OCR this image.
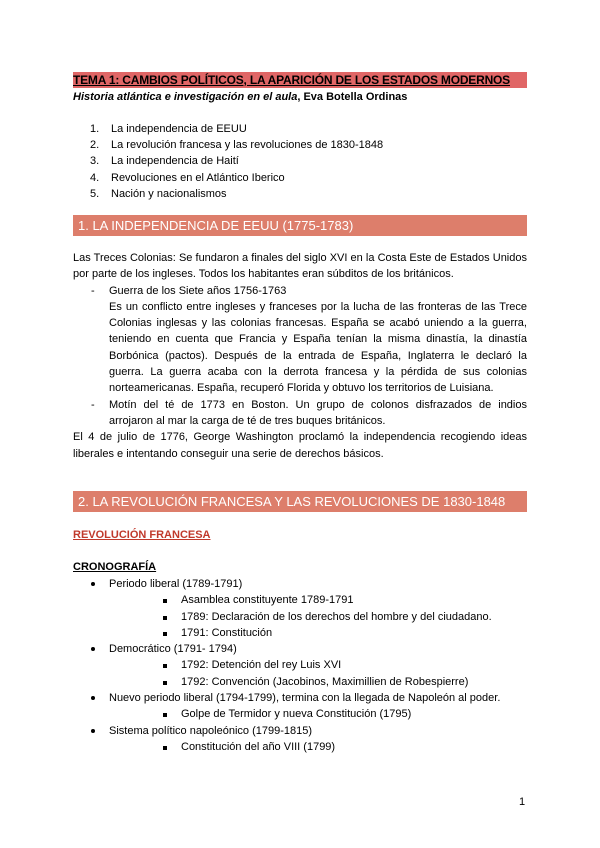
TEMA 1: CAMBIOS POLÍTICOS, LA APARICIÓN DE LOS ESTADOS MODERNOS
Historia atlántica e investigación en el aula, Eva Botella Ordinas
1. La independencia de EEUU
2. La revolución francesa y las revoluciones de 1830-1848
3. La independencia de Haití
4. Revoluciones en el Atlántico Iberico
5. Nación y nacionalismos
1. LA INDEPENDENCIA DE EEUU (1775-1783)
Las Treces Colonias: Se fundaron a finales del siglo XVI en la Costa Este de Estados Unidos
por parte de los ingleses. Todos los habitantes eran súbditos de los británicos.
- Guerra de los Siete años 1756-1763
Es un conflicto entre ingleses y franceses por la lucha de las fronteras de las Trece
Colonias inglesas y las colonias francesas. España se acabó uniendo a la guerra,
teniendo en cuenta que Francia y España tenían la misma dinastía, la dinastía
Borbónica (pactos). Después de la entrada de España, Inglaterra le declaró la
guerra. La guerra acaba con la derrota francesa y la pérdida de sus colonias
norteamericanas. España, recuperó Florida y obtuvo los territorios de Luisiana.
- Motín del té de 1773 en Boston. Un grupo de colonos disfrazados de indios
arrojaron al mar la carga de té de tres buques británicos.
El 4 de julio de 1776, George Washington proclamó la independencia recogiendo ideas
liberales e intentando conseguir una serie de derechos básicos.
2. LA REVOLUCIÓN FRANCESA Y LAS REVOLUCIONES DE 1830-1848
REVOLUCIÓN FRANCESA
CRONOGRAFÍA
Periodo liberal (1789-1791)
Asamblea constituyente 1789-1791
1789: Declaración de los derechos del hombre y del ciudadano.
1791: Constitución
Democrático (1791- 1794)
1792: Detención del rey Luis XVI
1792: Convención (Jacobinos, Maximillien de Robespierre)
Nuevo periodo liberal (1794-1799), termina con la llegada de Napoleón al poder.
Golpe de Termidor y nueva Constitución (1795)
Sistema político napoleónico (1799-1815)
Constitución del año VIII (1799)
1
